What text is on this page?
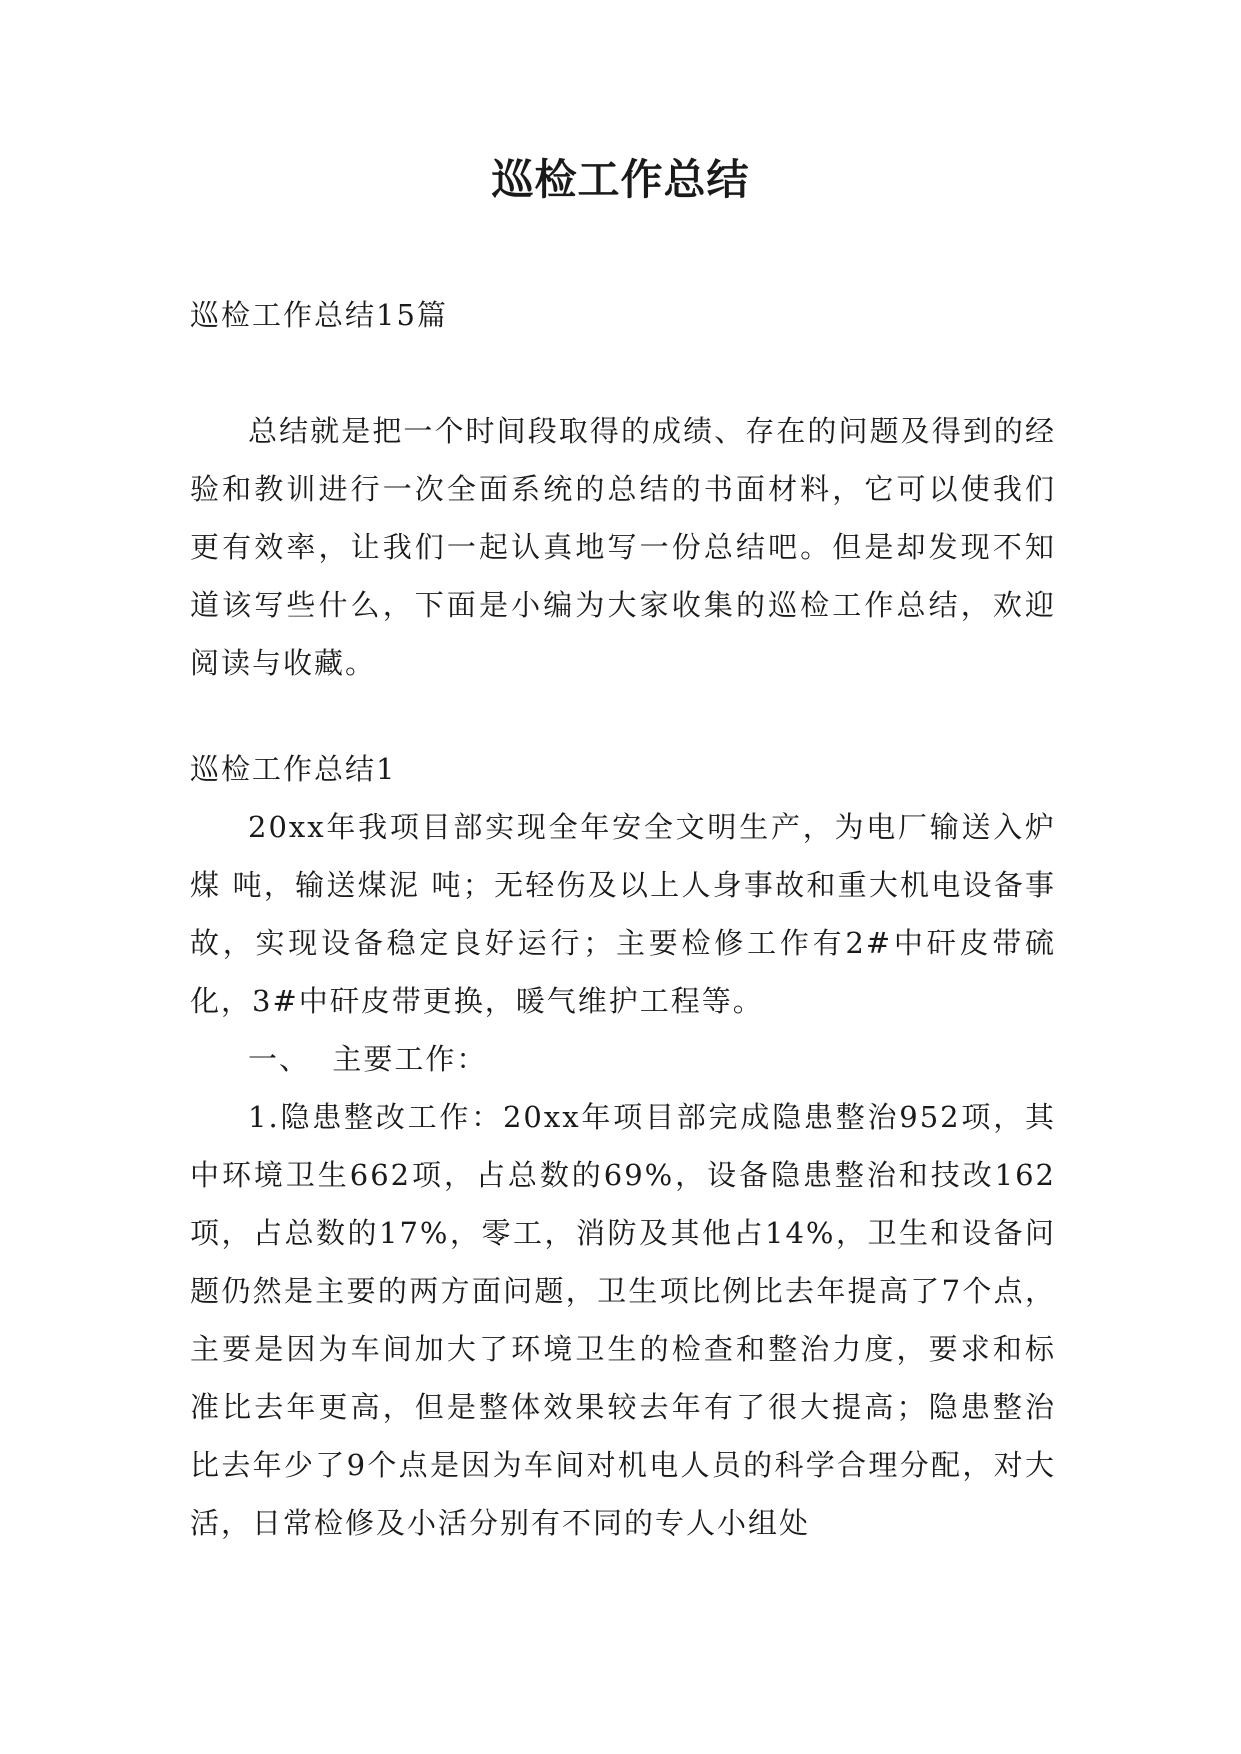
巡检工作总结

巡检工作总结15篇

总结就是把一个时间段取得的成绩、存在的问题及得到的经验和教训进行一次全面系统的总结的书面材料，它可以使我们更有效率，让我们一起认真地写一份总结吧。但是却发现不知道该写些什么，下面是小编为大家收集的巡检工作总结，欢迎阅读与收藏。

巡检工作总结1

20xx年我项目部实现全年安全文明生产，为电厂输送入炉煤 吨，输送煤泥 吨；无轻伤及以上人身事故和重大机电设备事故，实现设备稳定良好运行；主要检修工作有2#中矸皮带硫化，3#中矸皮带更换，暖气维护工程等。

一、  主要工作：

1.隐患整改工作：20xx年项目部完成隐患整治952项，其中环境卫生662项，占总数的69%，设备隐患整治和技改162项，占总数的17%，零工，消防及其他占14%，卫生和设备问题仍然是主要的两方面问题，卫生项比例比去年提高了7个点，主要是因为车间加大了环境卫生的检查和整治力度，要求和标准比去年更高，但是整体效果较去年有了很大提高；隐患整治比去年少了9个点是因为车间对机电人员的科学合理分配，对大活，日常检修及小活分别有不同的专人小组处
